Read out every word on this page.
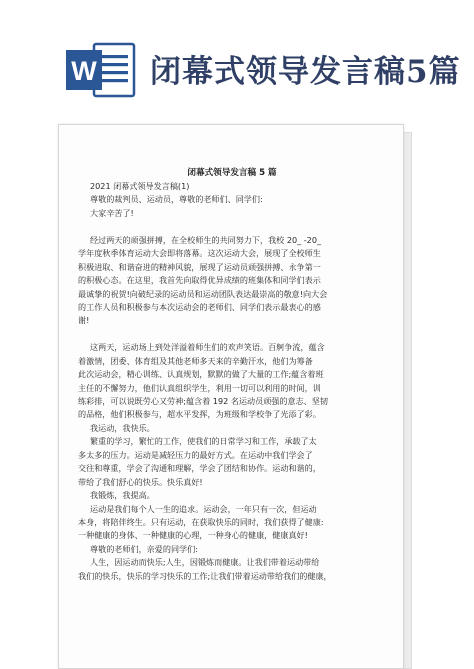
W 闭幕式领导发言稿5篇
闭幕式领导发言稿 5 篇
2021 闭幕式领导发言稿(1)
尊敬的裁判员、运动员，尊敬的老师们、同学们:
大家辛苦了!
经过两天的顽强拼搏，在全校师生的共同努力下，我校 20_ -20_
学年度秋季体育运动大会即将落幕。这次运动大会，展现了全校师生
积极进取、和谐奋进的精神风貌，展现了运动员顽强拼搏、永争第一
的积极心态。在这里，我首先向取得优异成绩的班集体和同学们表示
最诚挚的祝贺!向破纪录的运动员和运动团队表达最崇高的敬意!向大会
的工作人员和积极参与本次运动会的老师们、同学们表示最衷心的感
谢!
这两天，运动场上到处洋溢着师生们的欢声笑语。百舸争流，蕴含
着激情，团委、体育组及其他老师多天来的辛勤汗水，他们为筹备
此次运动会，精心训练、认真规划，默默的做了大量的工作;蕴含着班
主任的不懈努力，他们认真组织学生，利用一切可以利用的时间，训
练彩排，可以说既劳心又劳神;蕴含着 192 名运动员顽强的意志、坚韧
的品格，他们积极参与，超水平发挥，为班级和学校争了光添了彩。
我运动，我快乐。
繁重的学习，繁忙的工作，使我们的日常学习和工作，承载了太
多太多的压力。运动是减轻压力的最好方式。在运动中我们学会了
交往和尊重，学会了沟通和理解，学会了团结和协作。运动和谐的，
带给了我们舒心的快乐。快乐真好!
我锻炼，我提高。
运动是我们每个人一生的追求。运动会，一年只有一次，但运动
本身，将陪伴终生。只有运动，在获取快乐的同时，我们获得了健康:
一种健康的身体、一种健康的心理，一种身心的健康，健康真好!
尊敬的老师们，亲爱的同学们:
人生，因运动而快乐;人生，因锻炼而健康。让我们带着运动带给
我们的快乐，快乐的学习快乐的工作;让我们带着运动带给我们的健康，
